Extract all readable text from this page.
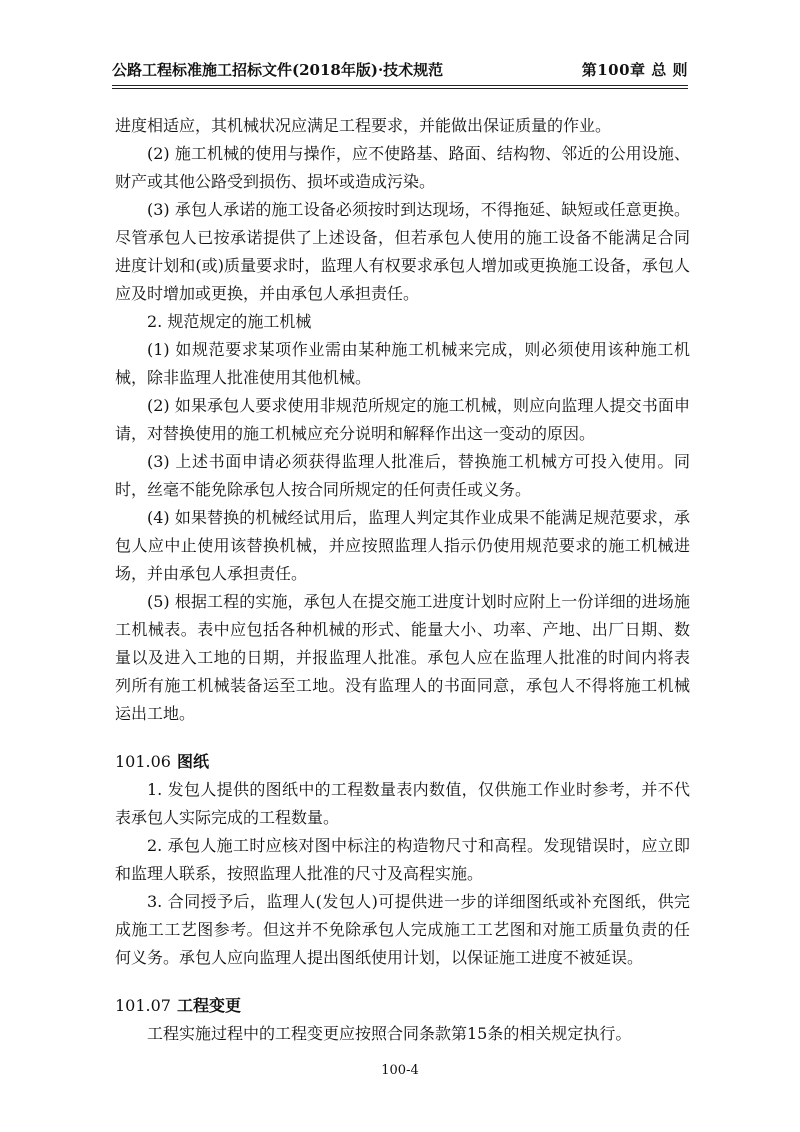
公路工程标准施工招标文件(2018年版)·技术规范	第100章 总 则

进度相适应，其机械状况应满足工程要求，并能做出保证质量的作业。

(2) 施工机械的使用与操作，应不使路基、路面、结构物、邻近的公用设施、财产或其他公路受到损伤、损坏或造成污染。

(3) 承包人承诺的施工设备必须按时到达现场，不得拖延、缺短或任意更换。尽管承包人已按承诺提供了上述设备，但若承包人使用的施工设备不能满足合同进度计划和(或)质量要求时，监理人有权要求承包人增加或更换施工设备，承包人应及时增加或更换，并由承包人承担责任。

2. 规范规定的施工机械

(1) 如规范要求某项作业需由某种施工机械来完成，则必须使用该种施工机械，除非监理人批准使用其他机械。

(2) 如果承包人要求使用非规范所规定的施工机械，则应向监理人提交书面申请，对替换使用的施工机械应充分说明和解释作出这一变动的原因。

(3) 上述书面申请必须获得监理人批准后，替换施工机械方可投入使用。同时，丝毫不能免除承包人按合同所规定的任何责任或义务。

(4) 如果替换的机械经试用后，监理人判定其作业成果不能满足规范要求，承包人应中止使用该替换机械，并应按照监理人指示仍使用规范要求的施工机械进场，并由承包人承担责任。

(5) 根据工程的实施，承包人在提交施工进度计划时应附上一份详细的进场施工机械表。表中应包括各种机械的形式、能量大小、功率、产地、出厂日期、数量以及进入工地的日期，并报监理人批准。承包人应在监理人批准的时间内将表列所有施工机械装备运至工地。没有监理人的书面同意，承包人不得将施工机械运出工地。

101.06 图纸

1. 发包人提供的图纸中的工程数量表内数值，仅供施工作业时参考，并不代表承包人实际完成的工程数量。

2. 承包人施工时应核对图中标注的构造物尺寸和高程。发现错误时，应立即和监理人联系，按照监理人批准的尺寸及高程实施。

3. 合同授予后，监理人(发包人)可提供进一步的详细图纸或补充图纸，供完成施工工艺图参考。但这并不免除承包人完成施工工艺图和对施工质量负责的任何义务。承包人应向监理人提出图纸使用计划，以保证施工进度不被延误。

101.07 工程变更

工程实施过程中的工程变更应按照合同条款第15条的相关规定执行。

100-4
